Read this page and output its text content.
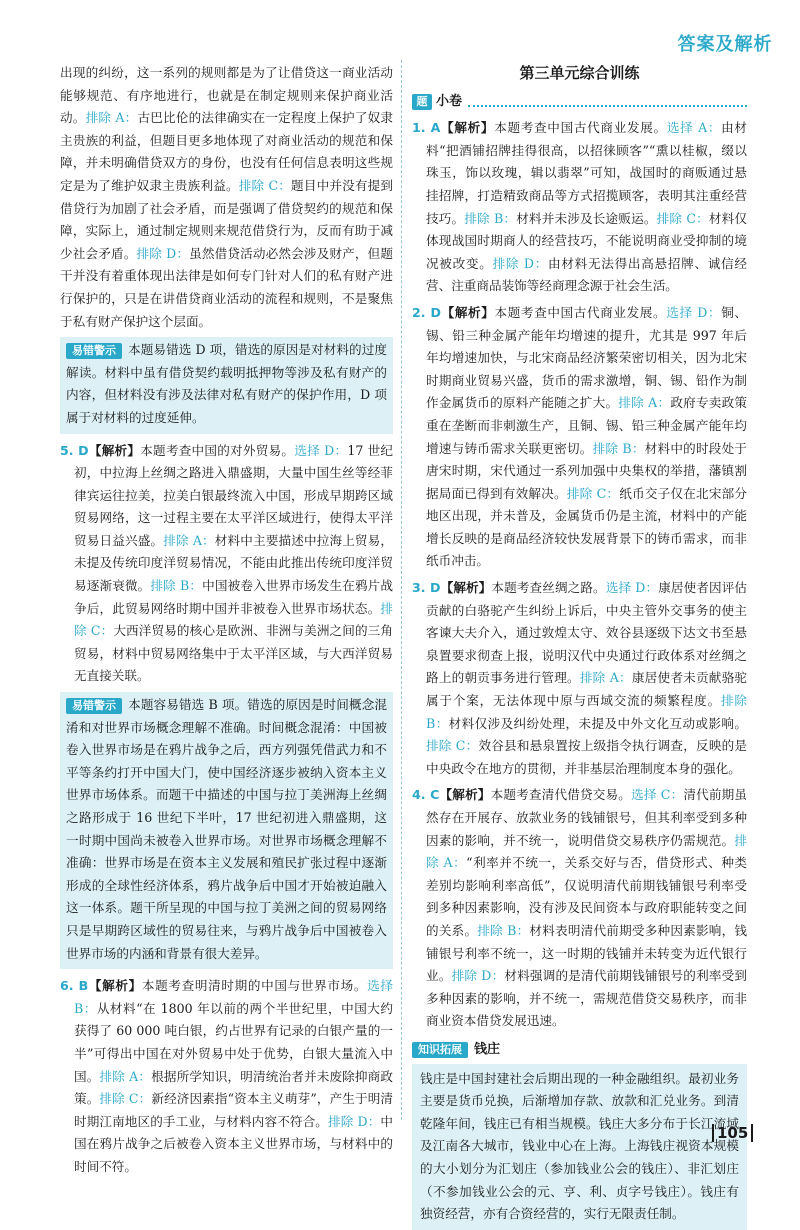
答案及解析

出现的纠纷，这一系列的规则都是为了让借贷这一商业活动能够规范、有序地进行，也就是在制定规则来保护商业活动。排除 A：古巴比伦的法律确实在一定程度上保护了奴隶主贵族的利益，但题目更多地体现了对商业活动的规范和保障，并未明确借贷双方的身份，也没有任何信息表明这些规定是为了维护奴隶主贵族利益。排除 C：题目中并没有提到借贷行为加剧了社会矛盾，而是强调了借贷契约的规范和保障，实际上，通过制定规则来规范借贷行为，反而有助于减少社会矛盾。排除 D：虽然借贷活动必然会涉及财产，但题干并没有着重体现出法律是如何专门针对人们的私有财产进行保护的，只是在讲借贷商业活动的流程和规则，不是聚焦于私有财产保护这个层面。

易错警示 本题易错选 D 项，错选的原因是对材料的过度解读。材料中虽有借贷契约载明抵押物等涉及私有财产的内容，但材料没有涉及法律对私有财产的保护作用，D 项属于对材料的过度延伸。

5. D【解析】本题考查中国的对外贸易。选择 D：17 世纪初，中拉海上丝绸之路进入鼎盛期，大量中国生丝等经菲律宾运往拉美，拉美白银最终流入中国，形成早期跨区域贸易网络，这一过程主要在太平洋区域进行，使得太平洋贸易日益兴盛。排除 A：材料中主要描述中拉海上贸易，未提及传统印度洋贸易情况，不能由此推出传统印度洋贸易逐渐衰微。排除 B：中国被卷入世界市场发生在鸦片战争后，此贸易网络时期中国并非被卷入世界市场状态。排除 C：大西洋贸易的核心是欧洲、非洲与美洲之间的三角贸易，材料中贸易网络集中于太平洋区域，与大西洋贸易无直接关联。

易错警示 本题容易错选 B 项。错选的原因是时间概念混淆和对世界市场概念理解不准确。时间概念混淆：中国被卷入世界市场是在鸦片战争之后，西方列强凭借武力和不平等条约打开中国大门，使中国经济逐步被纳入资本主义世界市场体系。而题干中描述的中国与拉丁美洲海上丝绸之路形成于 16 世纪下半叶，17 世纪初进入鼎盛期，这一时期中国尚未被卷入世界市场。对世界市场概念理解不准确：世界市场是在资本主义发展和殖民扩张过程中逐渐形成的全球性经济体系，鸦片战争后中国才开始被迫融入这一体系。题干所呈现的中国与拉丁美洲之间的贸易网络只是早期跨区域性的贸易往来，与鸦片战争后中国被卷入世界市场的内涵和背景有很大差异。

6. B【解析】本题考查明清时期的中国与世界市场。选择 B：从材料“在 1800 年以前的两个半世纪里，中国大约获得了 60 000 吨白银，约占世界有记录的白银产量的一半”可得出中国在对外贸易中处于优势，白银大量流入中国。排除 A：根据所学知识，明清统治者并未废除抑商政策。排除 C：新经济因素指“资本主义萌芽”，产生于明清时期江南地区的手工业，与材料内容不符合。排除 D：中国在鸦片战争之后被卷入资本主义世界市场，与材料中的时间不符。

第三单元综合训练
题 小卷

1. A【解析】本题考查中国古代商业发展。选择 A：由材料“把酒铺招牌挂得很高，以招徕顾客”“熏以桂椒，缀以珠玉，饰以玫瑰，辑以翡翠”可知，战国时的商贩通过悬挂招牌，打造精致商品等方式招揽顾客，表明其注重经营技巧。排除 B：材料并未涉及长途贩运。排除 C：材料仅体现战国时期商人的经营技巧，不能说明商业受抑制的境况被改变。排除 D：由材料无法得出高悬招牌、诚信经营、注重商品装饰等经商理念源于社会生活。

2. D【解析】本题考查中国古代商业发展。选择 D：铜、锡、铅三种金属产能年均增速的提升，尤其是 997 年后年均增速加快，与北宋商品经济繁荣密切相关，因为北宋时期商业贸易兴盛，货币的需求激增，铜、锡、铅作为制作金属货币的原料产能随之扩大。排除 A：政府专卖政策重在垄断而非刺激生产，且铜、锡、铅三种金属产能年均增速与铸币需求关联更密切。排除 B：材料中的时段处于唐宋时期，宋代通过一系列加强中央集权的举措，藩镇割据局面已得到有效解决。排除 C：纸币交子仅在北宋部分地区出现，并未普及，金属货币仍是主流，材料中的产能增长反映的是商品经济较快发展背景下的铸币需求，而非纸币冲击。

3. D【解析】本题考查丝绸之路。选择 D：康居使者因评估贡献的白骆驼产生纠纷上诉后，中央主管外交事务的使主客谏大夫介入，通过敦煌太守、效谷县逐级下达文书至悬泉置要求彻查上报，说明汉代中央通过行政体系对丝绸之路上的朝贡事务进行管理。排除 A：康居使者未贡献骆驼属于个案，无法体现中原与西域交流的频繁程度。排除 B：材料仅涉及纠纷处理，未提及中外文化互动或影响。排除 C：效谷县和悬泉置按上级指令执行调查，反映的是中央政令在地方的贯彻，并非基层治理制度本身的强化。

4. C【解析】本题考查清代借贷交易。选择 C：清代前期虽然存在开展存、放款业务的钱铺银号，但其利率受到多种因素的影响，并不统一，说明借贷交易秩序仍需规范。排除 A：“利率并不统一，关系交好与否，借贷形式、种类差别均影响利率高低”，仅说明清代前期钱铺银号利率受到多种因素影响，没有涉及民间资本与政府职能转变之间的关系。排除 B：材料表明清代前期受多种因素影响，钱铺银号利率不统一，这一时期的钱铺并未转变为近代银行业。排除 D：材料强调的是清代前期钱铺银号的利率受到多种因素的影响，并不统一，需规范借贷交易秩序，而非商业资本借贷发展迅速。

知识拓展 钱庄
钱庄是中国封建社会后期出现的一种金融组织。最初业务主要是货币兑换，后渐增加存款、放款和汇兑业务。到清乾隆年间，钱庄已有相当规模。钱庄大多分布于长江流域及江南各大城市，钱业中心在上海。上海钱庄视资本规模的大小划分为汇划庄（参加钱业公会的钱庄）、非汇划庄（不参加钱业公会的元、亨、利、贞字号钱庄）。钱庄有独资经营，亦有合资经营的，实行无限责任制。
105
